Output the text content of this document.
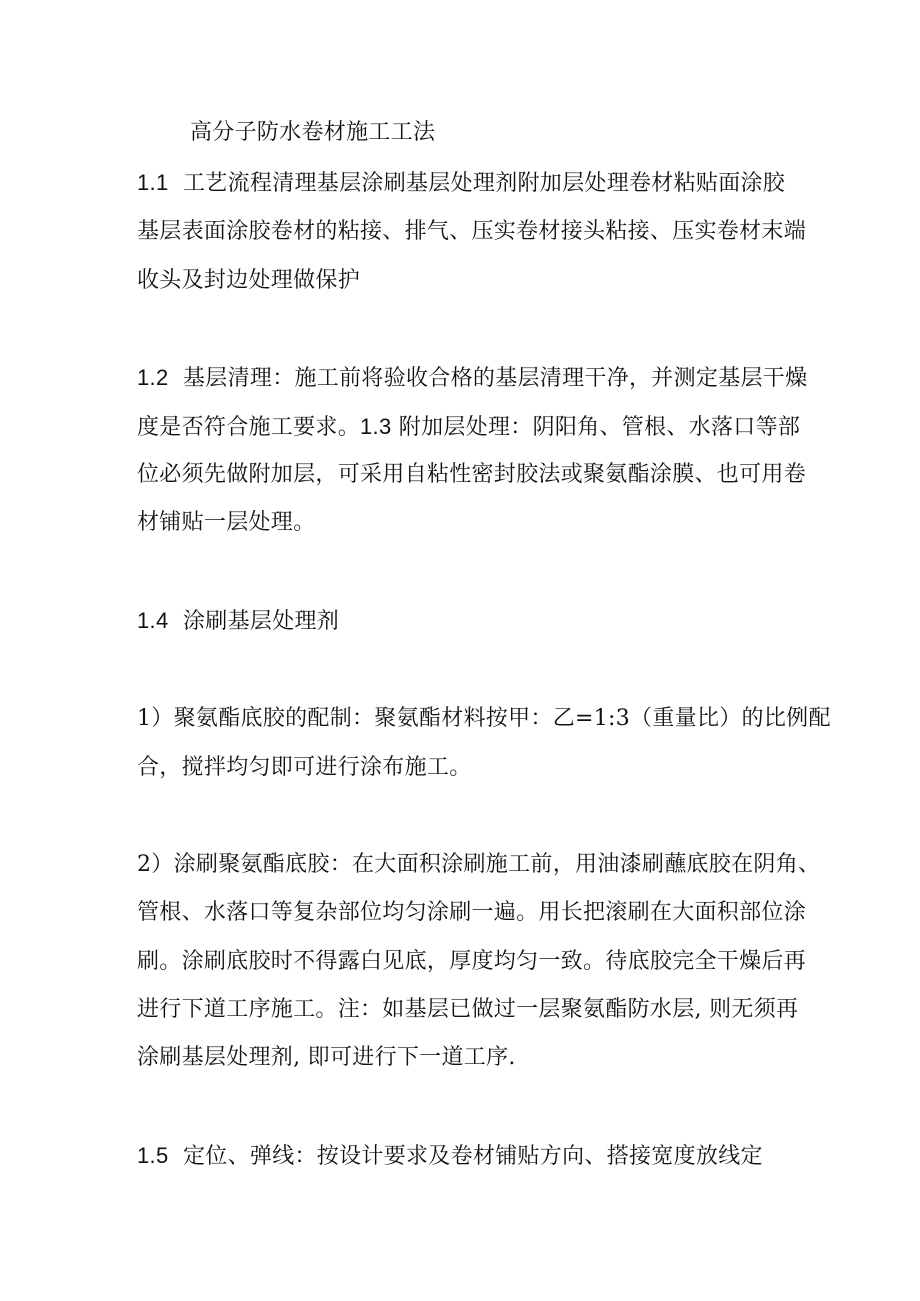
高分子防水卷材施工工法
1.1 工艺流程清理基层涂刷基层处理剂附加层处理卷材粘贴面涂胶
基层表面涂胶卷材的粘接、排气、压实卷材接头粘接、压实卷材末端
收头及封边处理做保护
1.2 基层清理：施工前将验收合格的基层清理干净，并测定基层干燥
度是否符合施工要求。1.3 附加层处理：阴阳角、管根、水落口等部
位必须先做附加层，可采用自粘性密封胶法或聚氨酯涂膜、也可用卷
材铺贴一层处理。
1.4 涂刷基层处理剂
1）聚氨酯底胶的配制：聚氨酯材料按甲：乙=1:3（重量比）的比例配
合，搅拌均匀即可进行涂布施工。
2）涂刷聚氨酯底胶：在大面积涂刷施工前，用油漆刷蘸底胶在阴角、
管根、水落口等复杂部位均匀涂刷一遍。用长把滚刷在大面积部位涂
刷。涂刷底胶时不得露白见底，厚度均匀一致。待底胶完全干燥后再
进行下道工序施工。注：如基层已做过一层聚氨酯防水层, 则无须再
涂刷基层处理剂, 即可进行下一道工序.
1.5 定位、弹线：按设计要求及卷材铺贴方向、搭接宽度放线定
